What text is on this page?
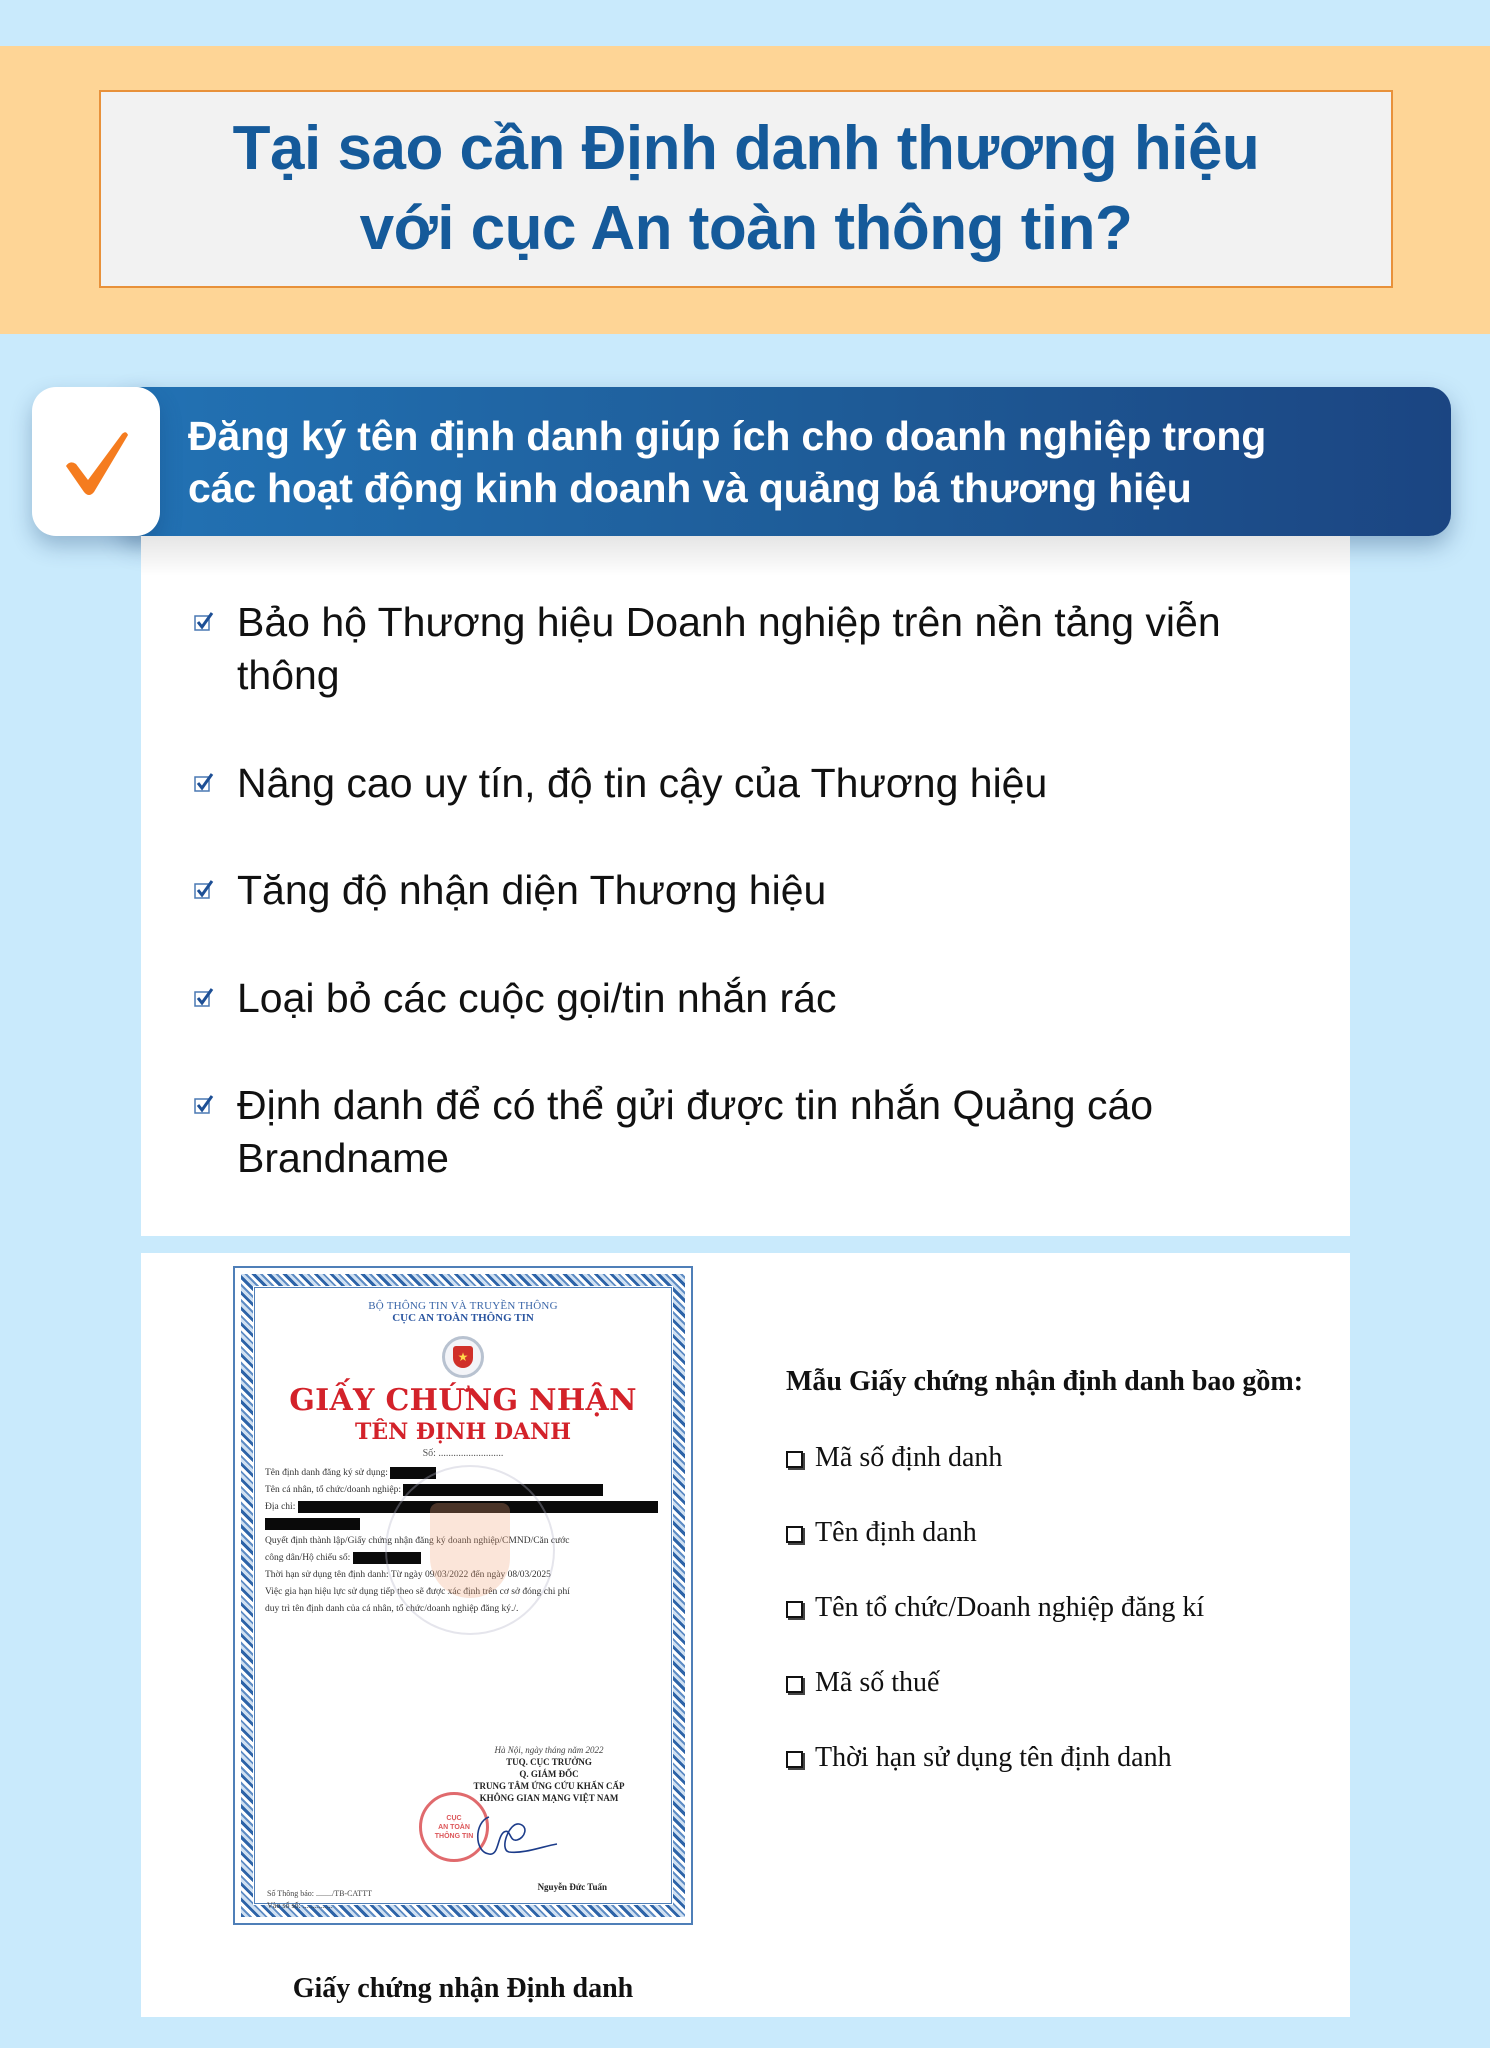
Tại sao cần Định danh thương hiệu
với cục An toàn thông tin?
Đăng ký tên định danh giúp ích cho doanh nghiệp trong
các hoạt động kinh doanh và quảng bá thương hiệu
Bảo hộ Thương hiệu Doanh nghiệp trên nền tảng viễn thông
Nâng cao uy tín, độ tin cậy của Thương hiệu
Tăng độ nhận diện Thương hiệu
Loại bỏ các cuộc gọi/tin nhắn rác
Định danh để có thể gửi được tin nhắn Quảng cáo Brandname
BỘ THÔNG TIN VÀ TRUYỀN THÔNG
CỤC AN TOÀN THÔNG TIN
★
GIẤY CHỨNG NHẬN
TÊN ĐỊNH DANH
Số: ..........................
Tên định danh đăng ký sử dụng:
Tên cá nhân, tổ chức/doanh nghiệp:
Địa chỉ:
Quyết định thành lập/Giấy chứng nhận đăng ký doanh nghiệp/CMND/Căn cước
công dân/Hộ chiếu số:
Thời hạn sử dụng tên định danh: Từ ngày 09/03/2022 đến ngày 08/03/2025
Việc gia hạn hiệu lực sử dụng tiếp theo sẽ được xác định trên cơ sở đóng chi phí
duy trì tên định danh của cá nhân, tổ chức/doanh nghiệp đăng ký./.
Hà Nội, ngày tháng năm 2022
TUQ. CỤC TRƯỞNG
Q. GIÁM ĐỐC
TRUNG TÂM ỨNG CỨU KHẨN CẤP
KHÔNG GIAN MẠNG VIỆT NAM
CỤC
AN TOÀN
THÔNG TIN
Nguyễn Đức Tuấn
Số Thông báo: ......../TB-CATTT
Vào sổ số: ...............
Giấy chứng nhận Định danh
Mẫu Giấy chứng nhận định danh bao gồm:
Mã số định danh
Tên định danh
Tên tổ chức/Doanh nghiệp đăng kí
Mã số thuế
Thời hạn sử dụng tên định danh
